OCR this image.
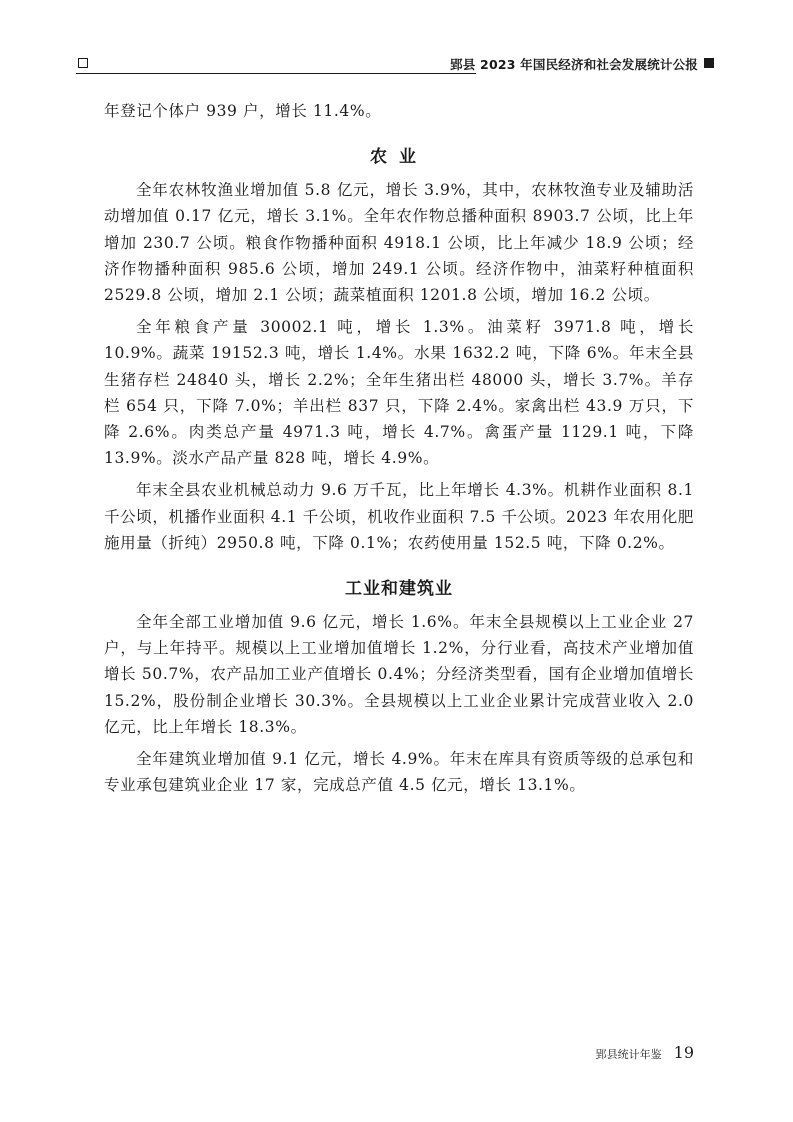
郢县 2023 年国民经济和社会发展统计公报

年登记个体户 939 户，增长 11.4%。

农业

全年农林牧渔业增加值 5.8 亿元，增长 3.9%，其中，农林牧渔专业及辅助活动增加值 0.17 亿元，增长 3.1%。全年农作物总播种面积 8903.7 公顷，比上年增加 230.7 公顷。粮食作物播种面积 4918.1 公顷，比上年减少 18.9 公顷；经济作物播种面积 985.6 公顷，增加 249.1 公顷。经济作物中，油菜籽种植面积 2529.8 公顷，增加 2.1 公顷；蔬菜植面积 1201.8 公顷，增加 16.2 公顷。

全年粮食产量 30002.1 吨，增长 1.3%。油菜籽 3971.8 吨，增长 10.9%。蔬菜 19152.3 吨，增长 1.4%。水果 1632.2 吨，下降 6%。年末全县生猪存栏 24840 头，增长 2.2%；全年生猪出栏 48000 头，增长 3.7%。羊存栏 654 只，下降 7.0%；羊出栏 837 只，下降 2.4%。家禽出栏 43.9 万只，下降 2.6%。肉类总产量 4971.3 吨，增长 4.7%。禽蛋产量 1129.1 吨，下降 13.9%。淡水产品产量 828 吨，增长 4.9%。

年末全县农业机械总动力 9.6 万千瓦，比上年增长 4.3%。机耕作业面积 8.1 千公顷，机播作业面积 4.1 千公顷，机收作业面积 7.5 千公顷。2023 年农用化肥施用量（折纯）2950.8 吨，下降 0.1%；农药使用量 152.5 吨，下降 0.2%。

工业和建筑业

全年全部工业增加值 9.6 亿元，增长 1.6%。年末全县规模以上工业企业 27 户，与上年持平。规模以上工业增加值增长 1.2%，分行业看，高技术产业增加值增长 50.7%，农产品加工业产值增长 0.4%；分经济类型看，国有企业增加值增长 15.2%，股份制企业增长 30.3%。全县规模以上工业企业累计完成营业收入 2.0 亿元，比上年增长 18.3%。

全年建筑业增加值 9.1 亿元，增长 4.9%。年末在库具有资质等级的总承包和专业承包建筑业企业 17 家，完成总产值 4.5 亿元，增长 13.1%。

郢县统计年鉴 19
